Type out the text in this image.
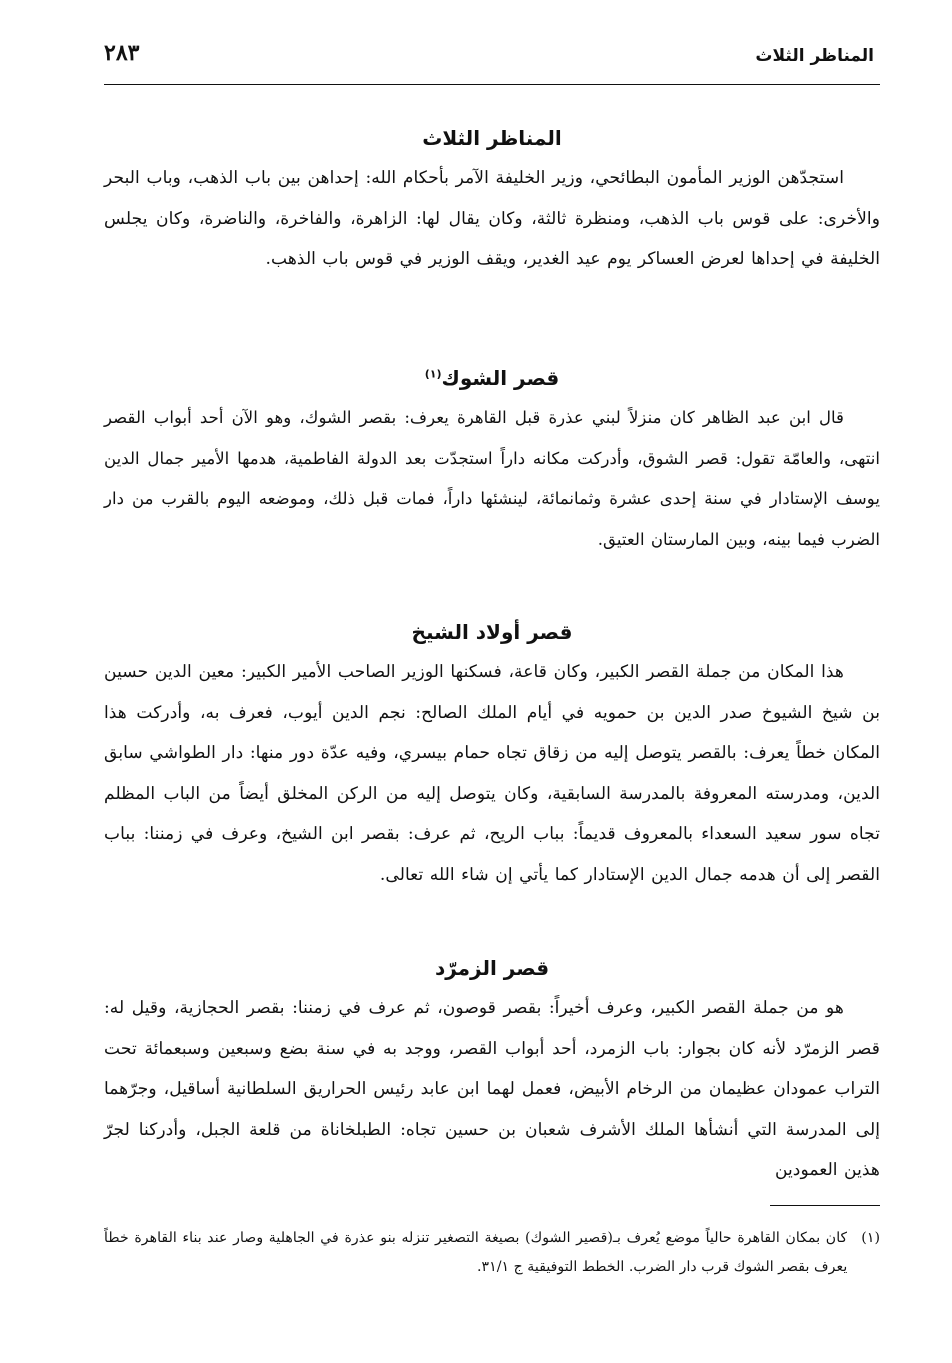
المناظر الثلاث
٢٨٣
المناظر الثلاث

استجدّهن الوزير المأمون البطائحي، وزير الخليفة الآمر بأحكام الله: إحداهن بين باب الذهب، وباب البحر والأخرى: على قوس باب الذهب، ومنظرة ثالثة، وكان يقال لها: الزاهرة، والفاخرة، والناضرة، وكان يجلس الخليفة في إحداها لعرض العساكر يوم عيد الغدير، ويقف الوزير في قوس باب الذهب.

قصر الشوك$^{(١)}$

قال ابن عبد الظاهر كان منزلاً لبني عذرة قبل القاهرة يعرف: بقصر الشوك، وهو الآن أحد أبواب القصر انتهى، والعامّة تقول: قصر الشوق، وأدركت مكانه داراً استجدّت بعد الدولة الفاطمية، هدمها الأمير جمال الدين يوسف الإستادار في سنة إحدى عشرة وثمانمائة، لينشئها داراً، فمات قبل ذلك، وموضعه اليوم بالقرب من دار الضرب فيما بينه، وبين المارستان العتيق.

قصر أولاد الشيخ

هذا المكان من جملة القصر الكبير، وكان قاعة، فسكنها الوزير الصاحب الأمير الكبير: معين الدين حسين بن شيخ الشيوخ صدر الدين بن حمويه في أيام الملك الصالح: نجم الدين أيوب، فعرف به، وأدركت هذا المكان خطاً يعرف: بالقصر يتوصل إليه من زقاق تجاه حمام بيسري، وفيه عدّة دور منها: دار الطواشي سابق الدين، ومدرسته المعروفة بالمدرسة السابقية، وكان يتوصل إليه من الركن المخلق أيضاً من الباب المظلم تجاه سور سعيد السعداء بالمعروف قديماً: بباب الريح، ثم عرف: بقصر ابن الشيخ، وعرف في زمننا: بباب القصر إلى أن هدمه جمال الدين الإستادار كما يأتي إن شاء الله تعالى.

قصر الزمرّد

هو من جملة القصر الكبير، وعرف أخيراً: بقصر قوصون، ثم عرف في زمننا: بقصر الحجازية، وقيل له: قصر الزمرّد لأنه كان بجوار: باب الزمرد، أحد أبواب القصر، ووجد به في سنة بضع وسبعين وسبعمائة تحت التراب عمودان عظيمان من الرخام الأبيض، فعمل لهما ابن عابد رئيس الحراريق السلطانية أساقيل، وجرّهما إلى المدرسة التي أنشأها الملك الأشرف شعبان بن حسين تجاه: الطبلخاناة من قلعة الجبل، وأدركنا لجرّ هذين العمودين

(١)
كان بمكان القاهرة حالياً موضع يُعرف بـ(قصير الشوك) بصيغة التصغير تنزله بنو عذرة في الجاهلية وصار عند بناء القاهرة خطاً يعرف بقصر الشوك قرب دار الضرب. الخطط التوفيقية ج ٣١/١.
